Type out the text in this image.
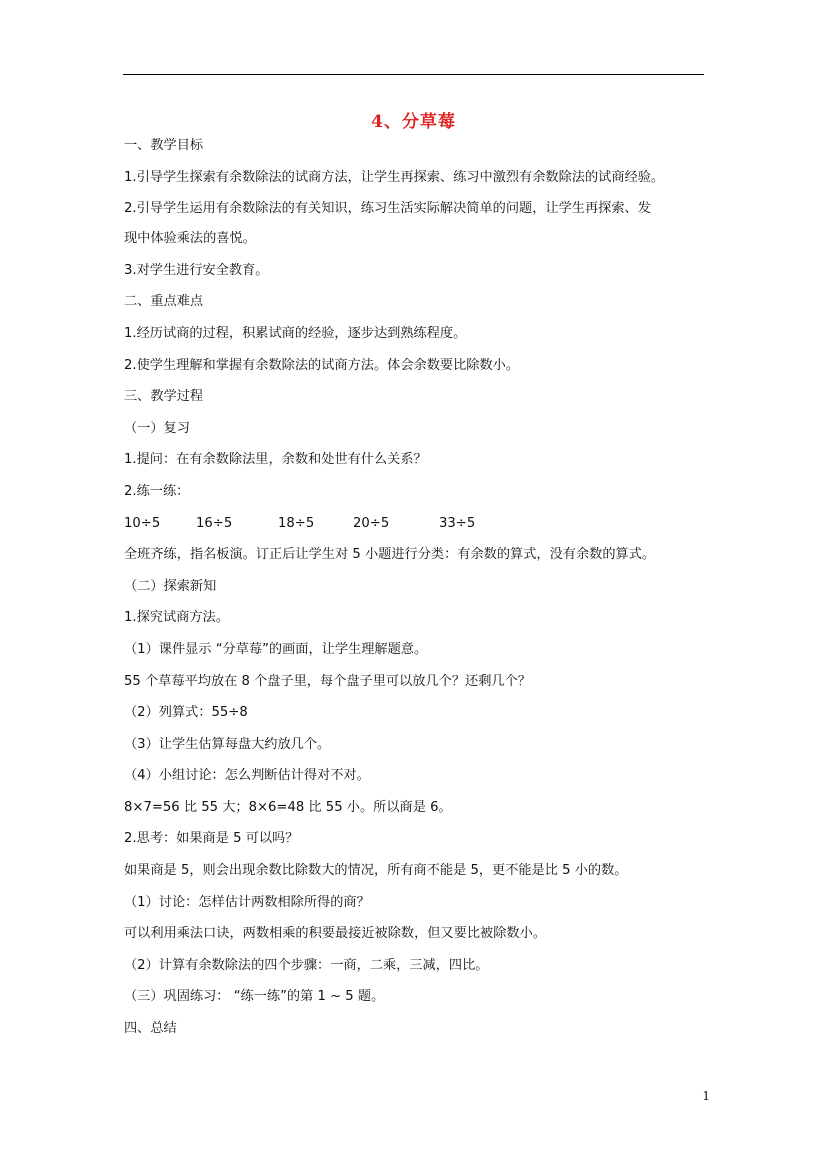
4、分草莓
一、教学目标
1.引导学生探索有余数除法的试商方法，让学生再探索、练习中激烈有余数除法的试商经验。
2.引导学生运用有余数除法的有关知识，练习生活实际解决简单的问题，让学生再探索、发
现中体验乘法的喜悦。
3.对学生进行安全教育。
二、重点难点
1.经历试商的过程，积累试商的经验，逐步达到熟练程度。
2.使学生理解和掌握有余数除法的试商方法。体会余数要比除数小。
三、教学过程
（一）复习
1.提问：在有余数除法里，余数和处世有什么关系？
2.练一练：
10÷5	16÷5	18÷5	20÷5	33÷5
全班齐练，指名板演。订正后让学生对 5 小题进行分类：有余数的算式，没有余数的算式。
（二）探索新知
1.探究试商方法。
（1）课件显示 “分草莓”的画面，让学生理解题意。
55 个草莓平均放在 8 个盘子里，每个盘子里可以放几个？还剩几个？
（2）列算式：55÷8
（3）让学生估算每盘大约放几个。
（4）小组讨论：怎么判断估计得对不对。
8×7=56 比 55 大；8×6=48 比 55 小。所以商是 6。
2.思考：如果商是 5 可以吗？
如果商是 5，则会出现余数比除数大的情况，所有商不能是 5，更不能是比 5 小的数。
（1）讨论：怎样估计两数相除所得的商？
可以利用乘法口诀，两数相乘的积要最接近被除数，但又要比被除数小。
（2）计算有余数除法的四个步骤：一商，二乘，三减，四比。
（三）巩固练习： “练一练”的第 1 ~ 5 题。
四、总结
1
